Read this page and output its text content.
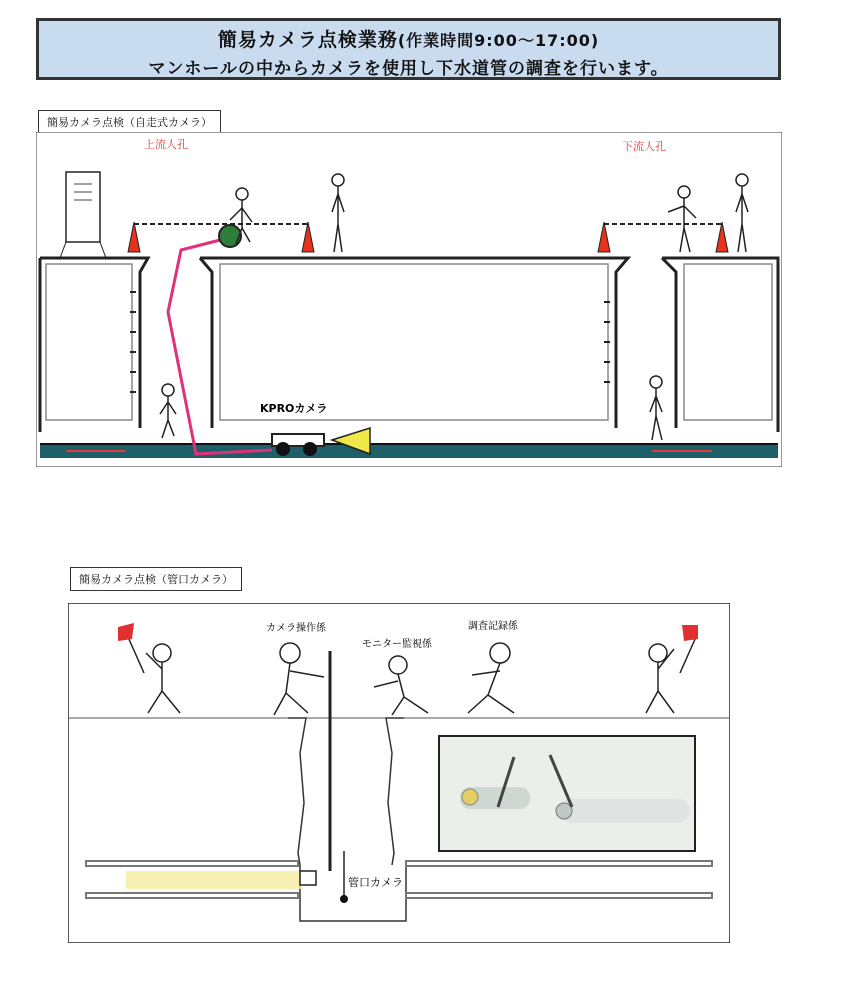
簡易カメラ点検業務(作業時間9:00～17:00)
マンホールの中からカメラを使用し下水道管の調査を行います。
簡易カメラ点検（自走式カメラ）
KPROカメラ
上流人孔	下流人孔
簡易カメラ点検（管口カメラ）
管口カメラ
カメラ操作係
モニター監視係
調査記録係
